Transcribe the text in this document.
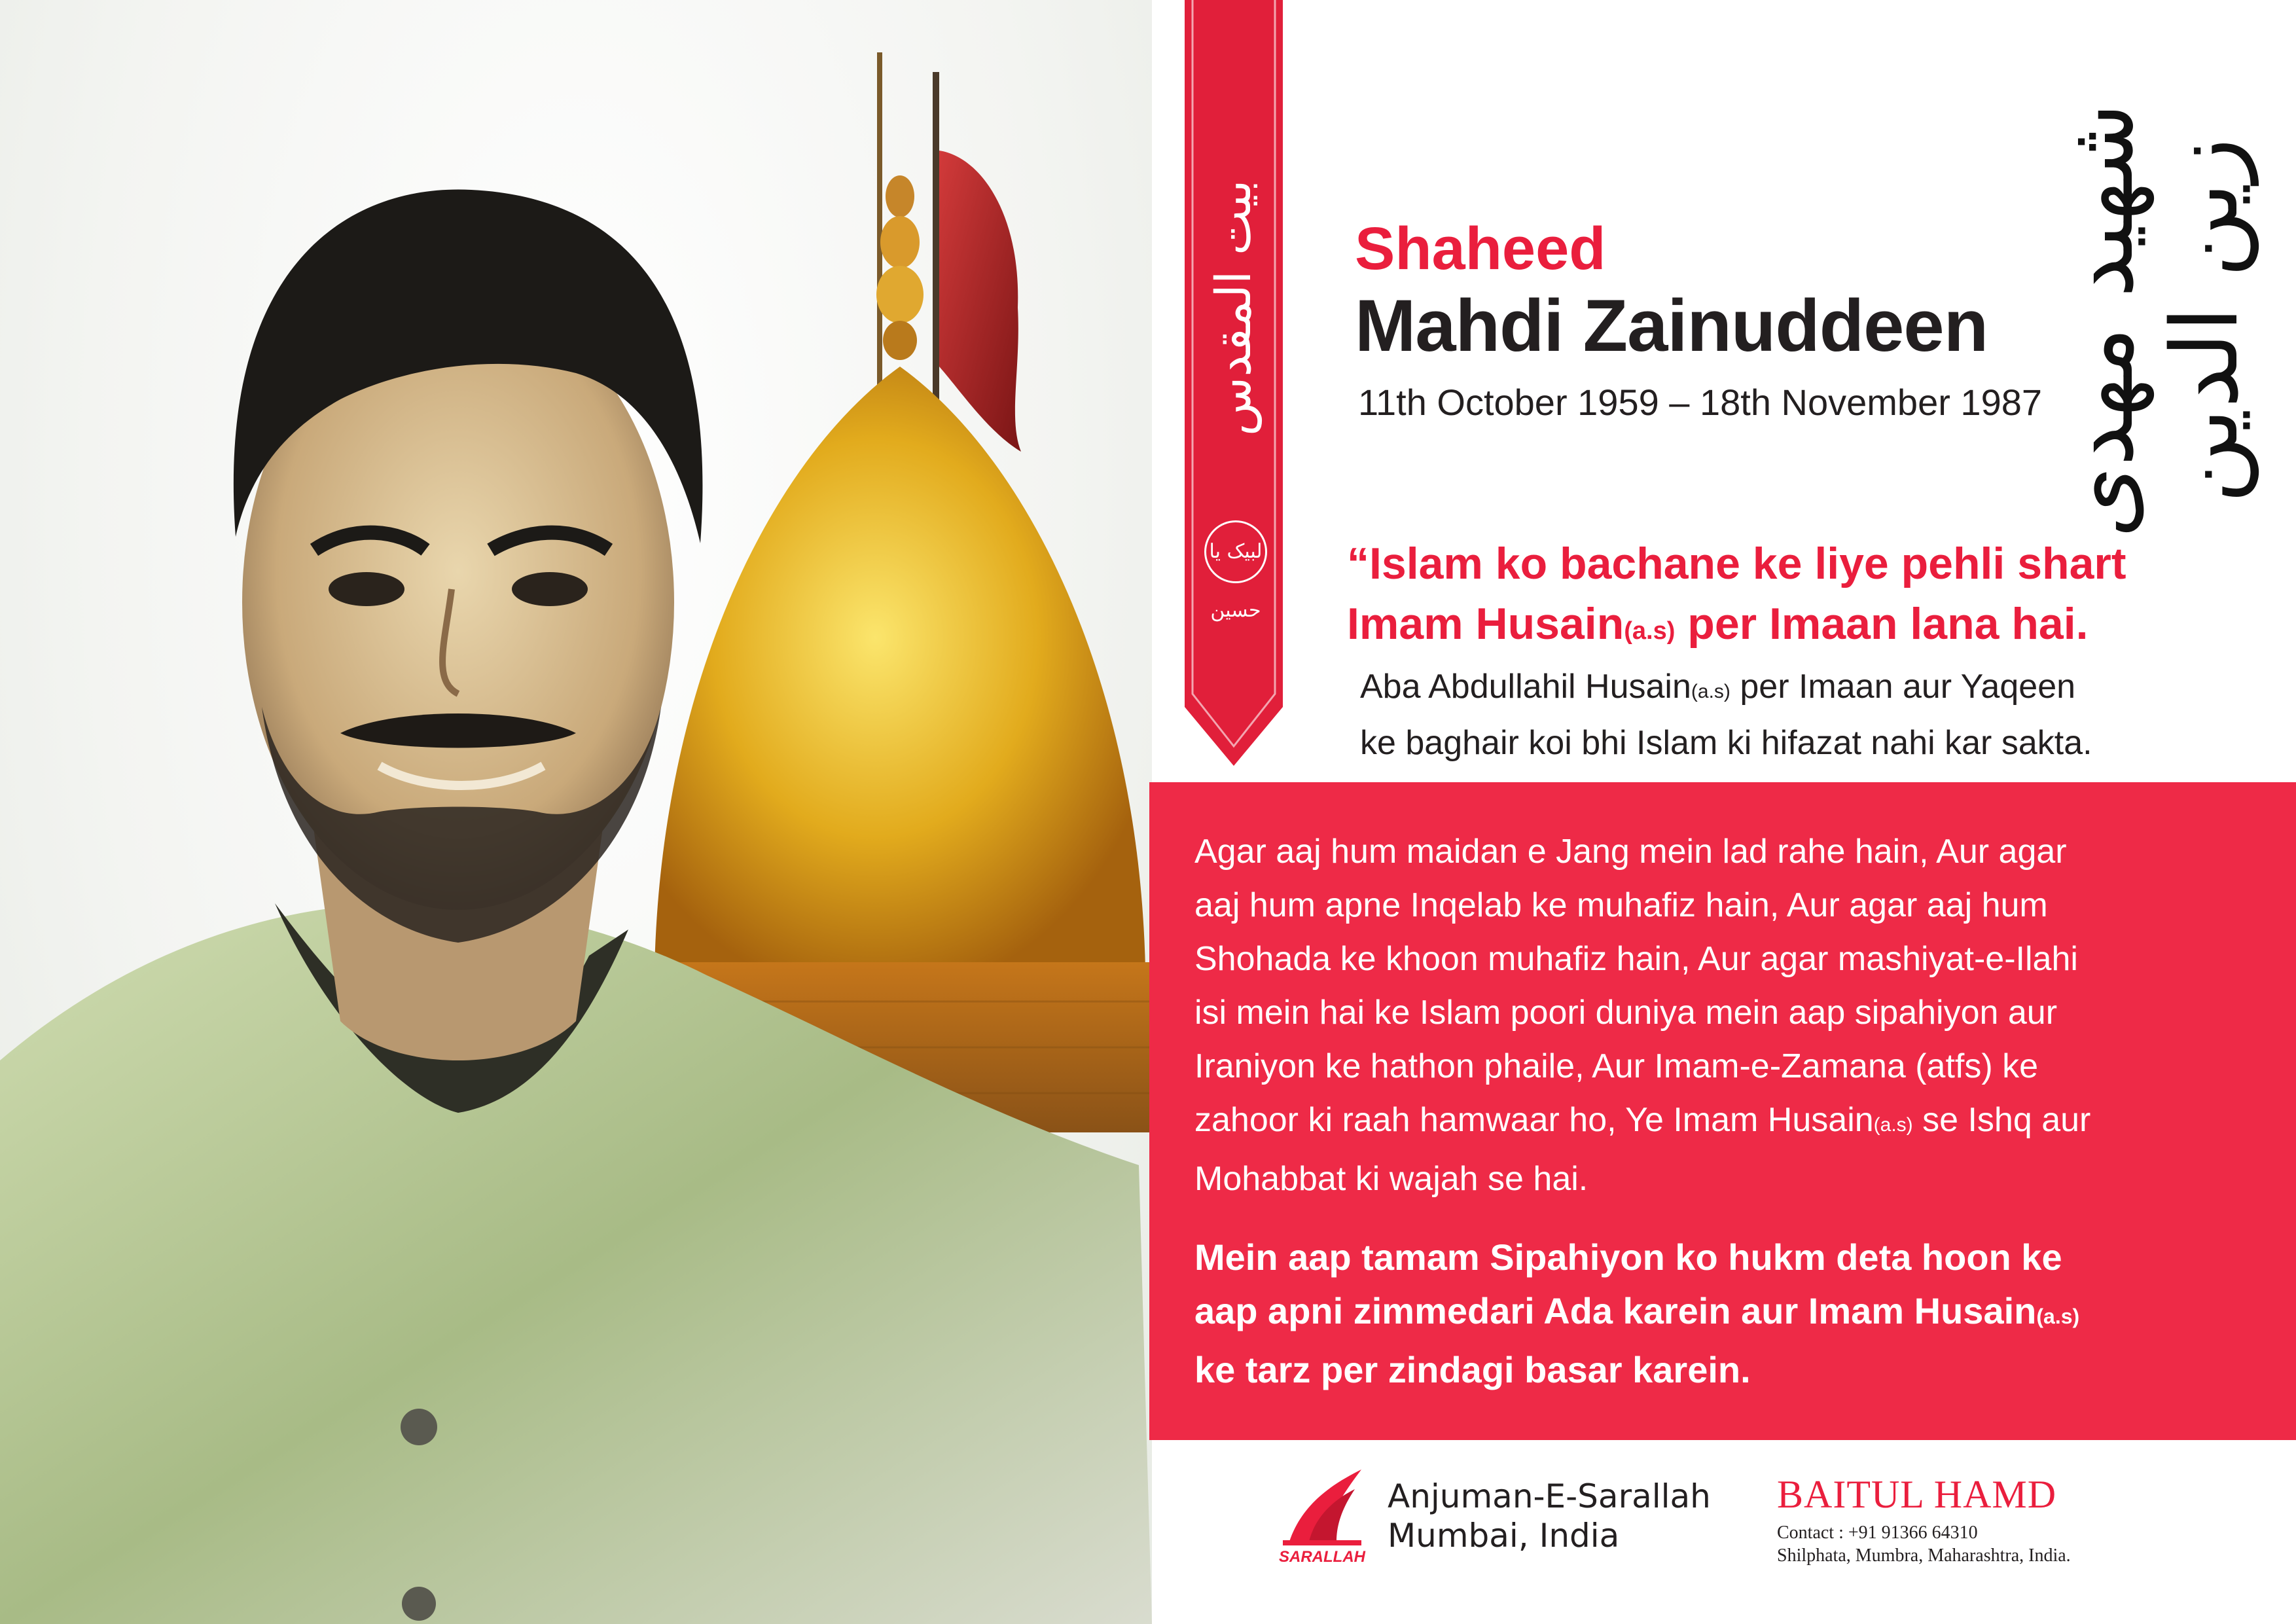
بیت المقدس
لبیک یا حسین
Shaheed
Mahdi Zainuddeen
11th October 1959 – 18th November 1987 شهید مهدی زین الدین
“Islam ko bachane ke liye pehli shart
Imam Husain(a.s) per Imaan lana hai.
Aba Abdullahil Husain(a.s) per Imaan aur Yaqeen
ke baghair koi bhi Islam ki hifazat nahi kar sakta.
Agar aaj hum maidan e Jang mein lad rahe hain, Aur agar
aaj hum apne Inqelab ke muhafiz hain, Aur agar aaj hum
Shohada ke khoon muhafiz hain, Aur agar mashiyat-e-Ilahi
isi mein hai ke Islam poori duniya mein aap sipahiyon aur
Iraniyon ke hathon phaile, Aur Imam-e-Zamana (atfs) ke
zahoor ki raah hamwaar ho, Ye Imam Husain(a.s) se Ishq aur
Mohabbat ki wajah se hai.
Mein aap tamam Sipahiyon ko hukm deta hoon ke
aap apni zimmedari Ada karein aur Imam Husain(a.s)
ke tarz per zindagi basar karein.
SARALLAH
Anjuman-E-Sarallah
Mumbai, India
BAITUL HAMD
Contact : +91 91366 64310
Shilphata, Mumbra, Maharashtra, India.
